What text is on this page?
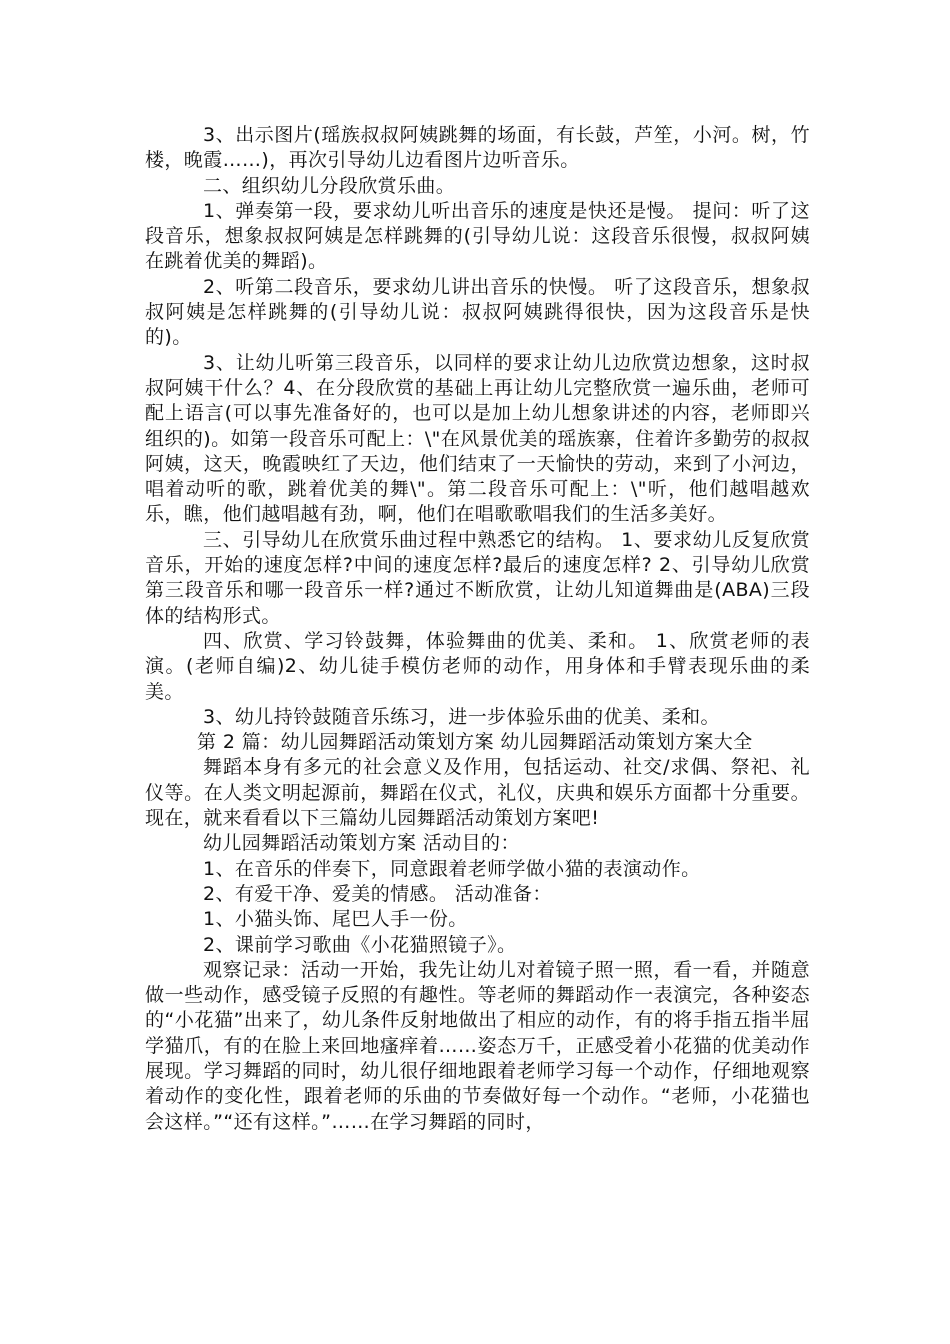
3、出示图片(瑶族叔叔阿姨跳舞的场面，有长鼓，芦笙，小河。树，竹楼，晚霞……)，再次引导幼儿边看图片边听音乐。

二、组织幼儿分段欣赏乐曲。

1、弹奏第一段，要求幼儿听出音乐的速度是快还是慢。 提问：听了这段音乐，想象叔叔阿姨是怎样跳舞的(引导幼儿说：这段音乐很慢，叔叔阿姨在跳着优美的舞蹈)。

2、听第二段音乐，要求幼儿讲出音乐的快慢。 听了这段音乐，想象叔叔阿姨是怎样跳舞的(引导幼儿说：叔叔阿姨跳得很快，因为这段音乐是快的)。

3、让幼儿听第三段音乐，以同样的要求让幼儿边欣赏边想象，这时叔叔阿姨干什么？4、在分段欣赏的基础上再让幼儿完整欣赏一遍乐曲，老师可配上语言(可以事先准备好的，也可以是加上幼儿想象讲述的内容，老师即兴组织的)。如第一段音乐可配上：\"在风景优美的瑶族寨，住着许多勤劳的叔叔阿姨，这天，晚霞映红了天边，他们结束了一天愉快的劳动，来到了小河边，唱着动听的歌，跳着优美的舞\"。第二段音乐可配上：\"听，他们越唱越欢乐，瞧，他们越唱越有劲，啊，他们在唱歌歌唱我们的生活多美好。

三、引导幼儿在欣赏乐曲过程中熟悉它的结构。 1、要求幼儿反复欣赏音乐，开始的速度怎样?中间的速度怎样?最后的速度怎样? 2、引导幼儿欣赏第三段音乐和哪一段音乐一样?通过不断欣赏，让幼儿知道舞曲是(ABA)三段体的结构形式。

四、欣赏、学习铃鼓舞，体验舞曲的优美、柔和。 1、欣赏老师的表演。(老师自编)2、幼儿徒手模仿老师的动作，用身体和手臂表现乐曲的柔美。

3、幼儿持铃鼓随音乐练习，进一步体验乐曲的优美、柔和。

第 2 篇：幼儿园舞蹈活动策划方案 幼儿园舞蹈活动策划方案大全

舞蹈本身有多元的社会意义及作用，包括运动、社交/求偶、祭祀、礼仪等。在人类文明起源前，舞蹈在仪式，礼仪，庆典和娱乐方面都十分重要。现在，就来看看以下三篇幼儿园舞蹈活动策划方案吧!

幼儿园舞蹈活动策划方案 活动目的：

1、在音乐的伴奏下，同意跟着老师学做小猫的表演动作。

2、有爱干净、爱美的情感。 活动准备：

1、小猫头饰、尾巴人手一份。

2、课前学习歌曲《小花猫照镜子》。

观察记录：活动一开始，我先让幼儿对着镜子照一照，看一看，并随意做一些动作，感受镜子反照的有趣性。等老师的舞蹈动作一表演完，各种姿态的“小花猫”出来了，幼儿条件反射地做出了相应的动作，有的将手指五指半屈学猫爪，有的在脸上来回地瘙痒着……姿态万千，正感受着小花猫的优美动作展现。学习舞蹈的同时，幼儿很仔细地跟着老师学习每一个动作，仔细地观察着动作的变化性，跟着老师的乐曲的节奏做好每一个动作。“老师，小花猫也会这样。”“还有这样。”……在学习舞蹈的同时，
